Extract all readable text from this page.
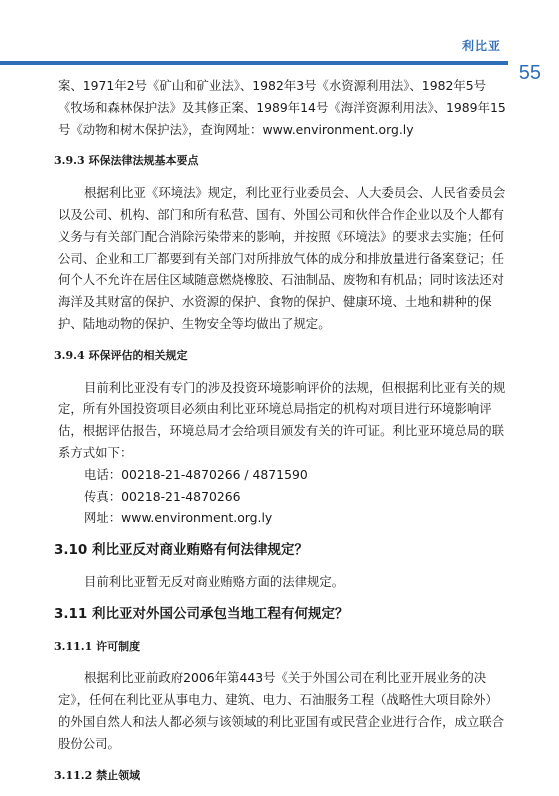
利比亚
55

案、1971年2号《矿山和矿业法》、1982年3号《水资源利用法》、1982年5号《牧场和森林保护法》及其修正案、1989年14号《海洋资源利用法》、1989年15号《动物和树木保护法》，查询网址：www.environment.org.ly

3.9.3 环保法律法规基本要点

根据利比亚《环境法》规定，利比亚行业委员会、人大委员会、人民省委员会以及公司、机构、部门和所有私营、国有、外国公司和伙伴合作企业以及个人都有义务与有关部门配合消除污染带来的影响，并按照《环境法》的要求去实施；任何公司、企业和工厂都要到有关部门对所排放气体的成分和排放量进行备案登记；任何个人不允许在居住区域随意燃烧橡胶、石油制品、废物和有机品；同时该法还对海洋及其财富的保护、水资源的保护、食物的保护、健康环境、土地和耕种的保护、陆地动物的保护、生物安全等均做出了规定。

3.9.4 环保评估的相关规定

目前利比亚没有专门的涉及投资环境影响评价的法规，但根据利比亚有关的规定，所有外国投资项目必须由利比亚环境总局指定的机构对项目进行环境影响评估，根据评估报告，环境总局才会给项目颁发有关的许可证。利比亚环境总局的联系方式如下：

电话：00218-21-4870266 / 4871590
传真：00218-21-4870266
网址：www.environment.org.ly
3.10 利比亚反对商业贿赂有何法律规定？

目前利比亚暂无反对商业贿赂方面的法律规定。

3.11 利比亚对外国公司承包当地工程有何规定？
3.11.1 许可制度

根据利比亚前政府2006年第443号《关于外国公司在利比亚开展业务的决定》，任何在利比亚从事电力、建筑、电力、石油服务工程（战略性大项目除外）的外国自然人和法人都必须与该领域的利比亚国有或民营企业进行合作，成立联合股份公司。

3.11.2 禁止领域
